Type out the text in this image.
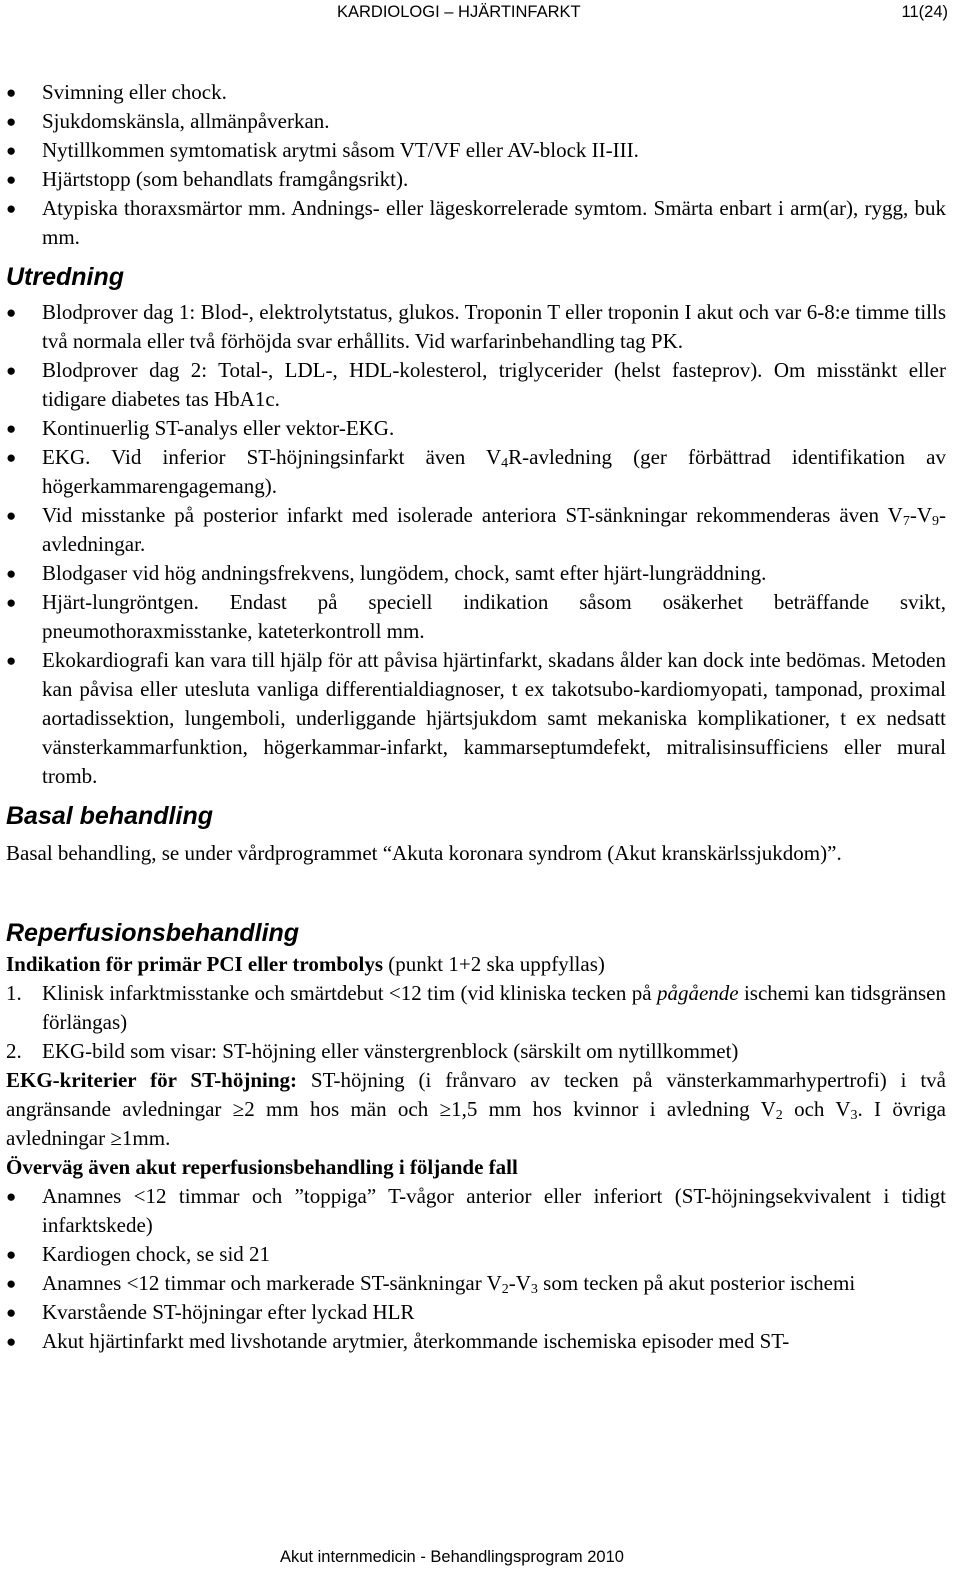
KARDIOLOGI – HJÄRTINFARKT	11(24)
●	Svimning eller chock.
●	Sjukdomskänsla, allmänpåverkan.
●	Nytillkommen symtomatisk arytmi såsom VT/VF eller AV-block II-III.
●	Hjärtstopp (som behandlats framgångsrikt).
●	Atypiska thoraxsmärtor mm. Andnings- eller lägeskorrelerade symtom. Smärta enbart i arm(ar), rygg, buk mm.
Utredning
●	Blodprover dag 1: Blod-, elektrolytstatus, glukos. Troponin T eller troponin I akut och var 6-8:e timme tills två normala eller två förhöjda svar erhållits. Vid warfarinbehandling tag PK.
●	Blodprover dag 2: Total-, LDL-, HDL-kolesterol, triglycerider (helst fasteprov). Om misstänkt eller tidigare diabetes tas HbA1c.
●	Kontinuerlig ST-analys eller vektor-EKG.
●	EKG. Vid inferior ST-höjningsinfarkt även $V_4R$-avledning (ger förbättrad identifikation av högerkammarengagemang).
●	Vid misstanke på posterior infarkt med isolerade anteriora ST-sänkningar rekommenderas även $V_7-V_9$-avledningar.
●	Blodgaser vid hög andningsfrekvens, lungödem, chock, samt efter hjärt-lungräddning.
●	Hjärt-lungröntgen. Endast på speciell indikation såsom osäkerhet beträffande svikt, pneumothoraxmisstanke, kateterkontroll mm.
●	Ekokardiografi kan vara till hjälp för att påvisa hjärtinfarkt, skadans ålder kan dock inte bedömas. Metoden kan påvisa eller utesluta vanliga differentialdiagnoser, t ex takotsubo-kardiomyopati, tamponad, proximal aortadissektion, lungemboli, underliggande hjärtsjukdom samt mekaniska komplikationer, t ex nedsatt vänsterkammarfunktion, högerkammar-infarkt, kammarseptumdefekt, mitralisinsufficiens eller mural tromb.
Basal behandling

Basal behandling, se under vårdprogrammet “Akuta koronara syndrom (Akut kranskärlssjukdom)”.

Reperfusionsbehandling

Indikation för primär PCI eller trombolys (punkt 1+2 ska uppfyllas)

1. Klinisk infarktmisstanke och smärtdebut <12 tim (vid kliniska tecken på pågående ischemi kan tidsgränsen förlängas)

2. EKG-bild som visar: ST-höjning eller vänstergrenblock (särskilt om nytillkommet)

EKG-kriterier för ST-höjning: ST-höjning (i frånvaro av tecken på vänsterkammarhypertrofi) i två angränsande avledningar ≥2 mm hos män och ≥1,5 mm hos kvinnor i avledning $V_2$ och $V_3$. I övriga avledningar ≥1mm.

Överväg även akut reperfusionsbehandling i följande fall

●	Anamnes <12 timmar och ”toppiga” T-vågor anterior eller inferiort (ST-höjningsekvivalent i tidigt infarktskede)
●	Kardiogen chock, se sid 21
●	Anamnes <12 timmar och markerade ST-sänkningar $V_2-V_3$ som tecken på akut posterior ischemi
●	Kvarstående ST-höjningar efter lyckad HLR
●	Akut hjärtinfarkt med livshotande arytmier, återkommande ischemiska episoder med ST-
Akut internmedicin - Behandlingsprogram 2010
